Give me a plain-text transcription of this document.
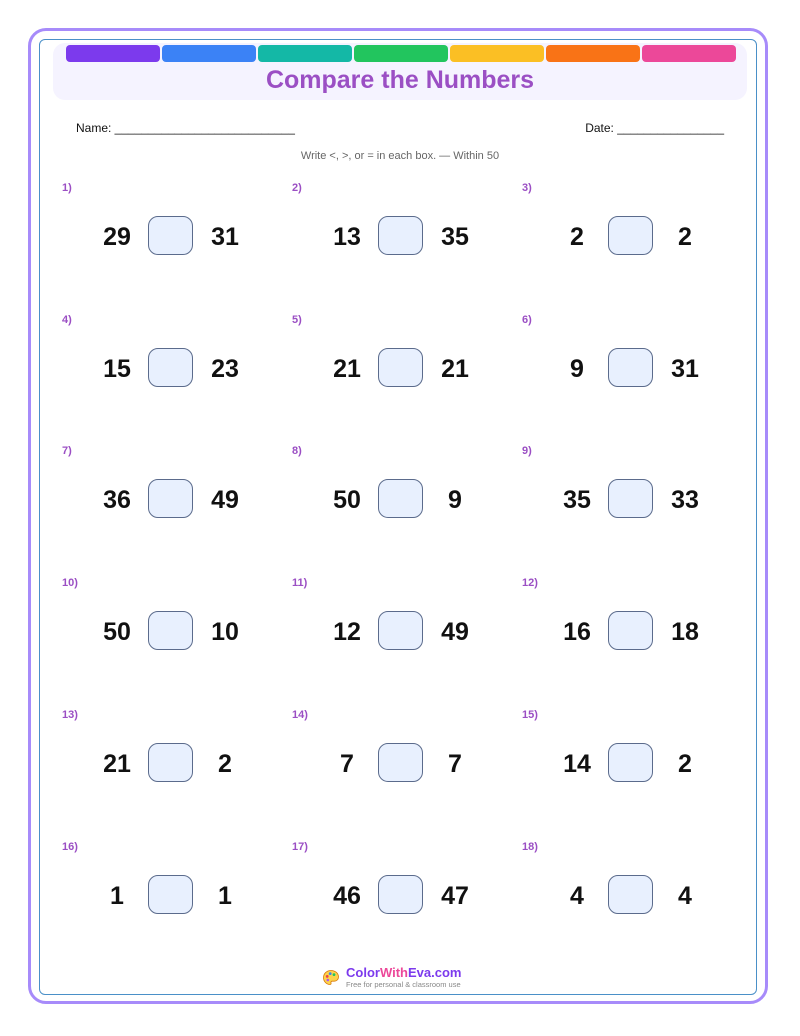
Compare the Numbers
Name: ___________________________	Date: ________________
Write <, >, or = in each box. — Within 50
1)
29	31
2)
13	35
3)
2	2
4)
15	23
5)
21	21
6)
9	31
7)
36	49
8)
50	9
9)
35	33
10)
50	10
11)
12	49
12)
16	18
13)
21	2
14)
7	7
15)
14	2
16)
1	1
17)
46	47
18)
4	4
ColorWithEva.com
Free for personal & classroom use
